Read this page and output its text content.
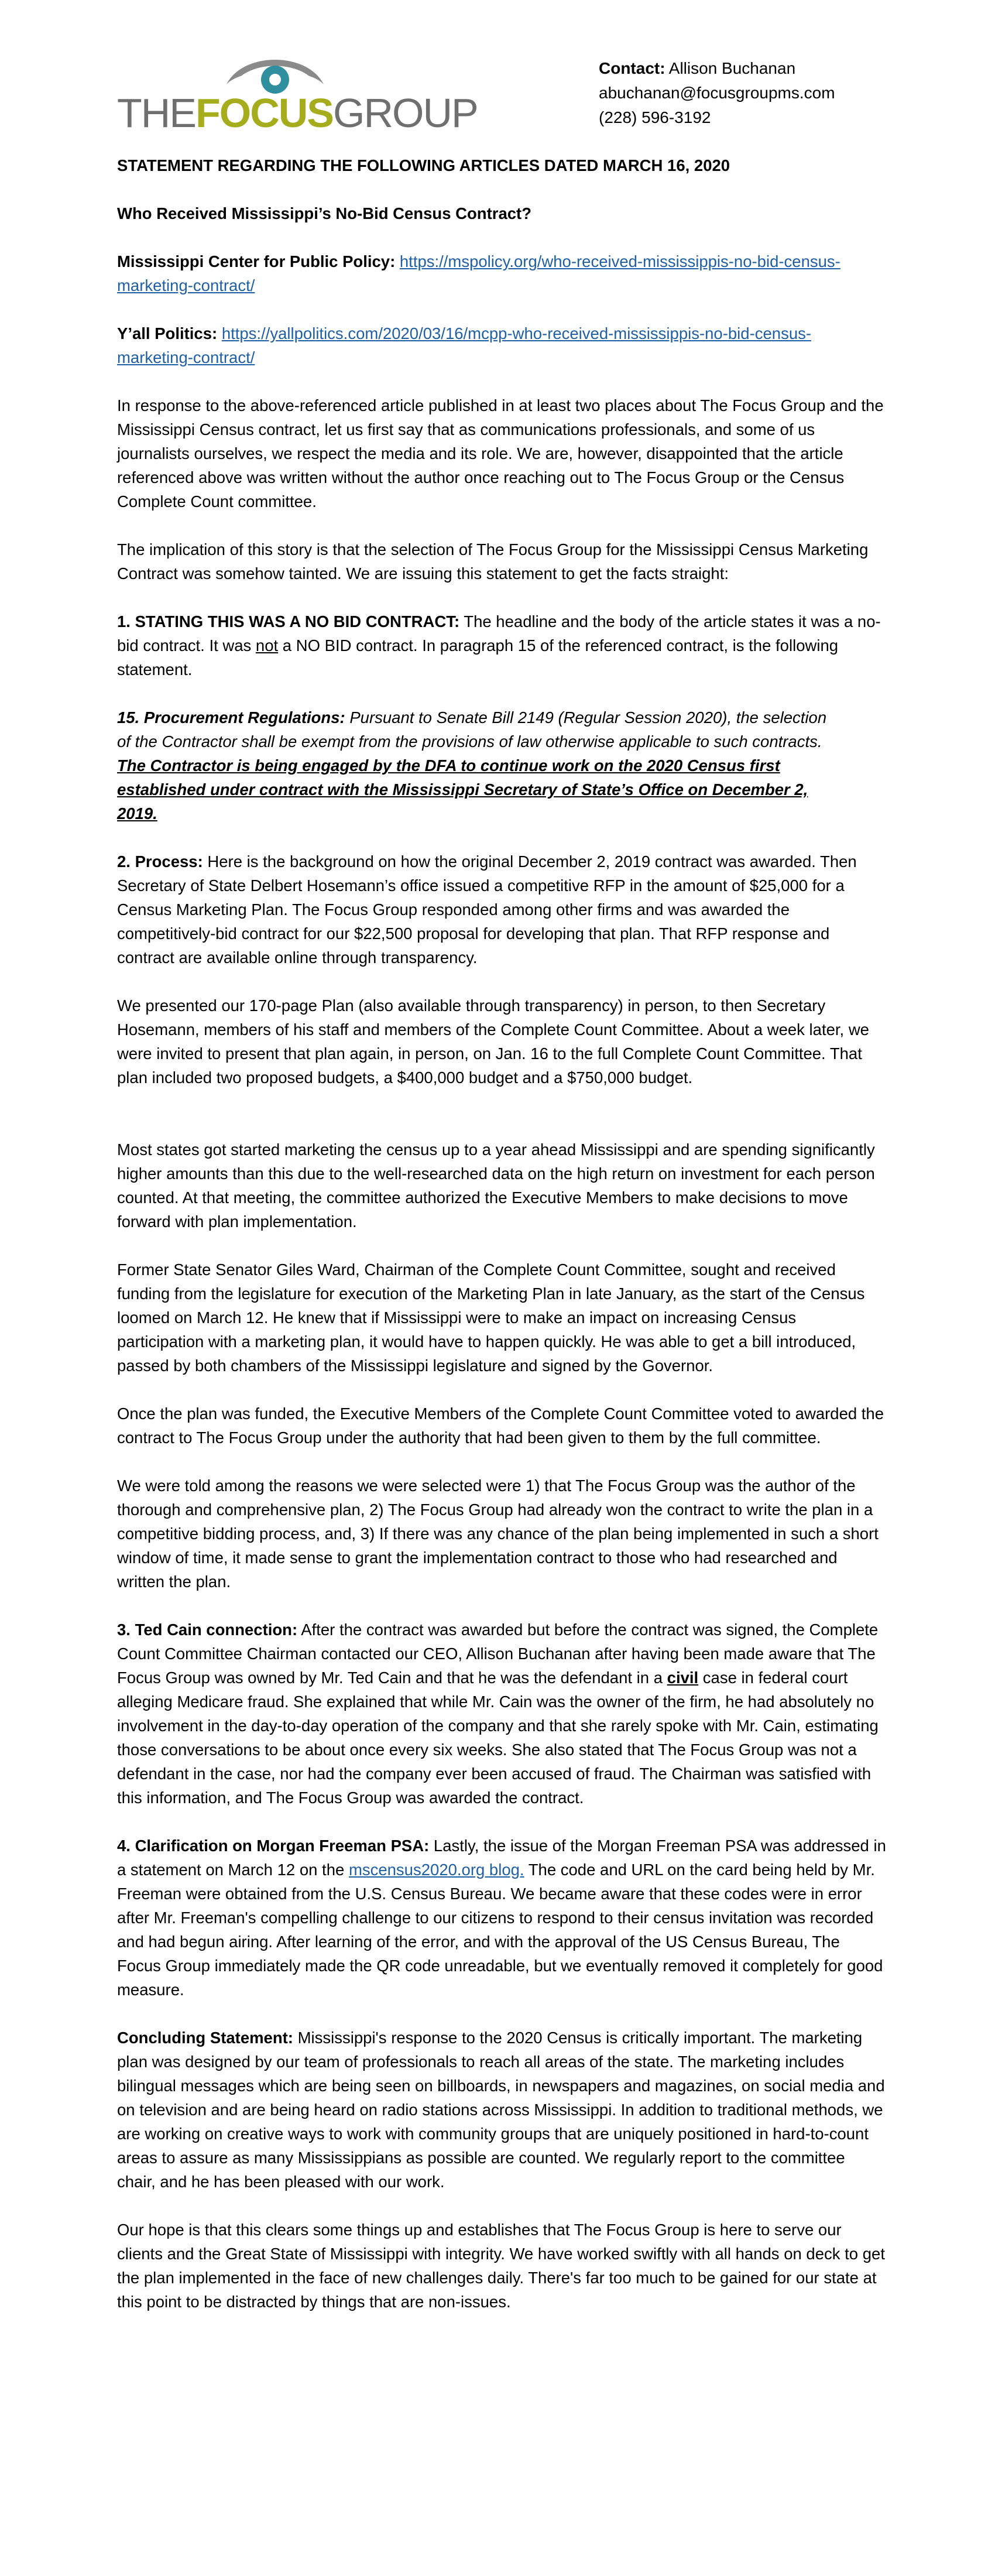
THEFOCUSGROUP
Contact: Allison Buchanan
abuchanan@focusgroupms.com
(228) 596-3192

STATEMENT REGARDING THE FOLLOWING ARTICLES DATED MARCH 16, 2020

Who Received Mississippi’s No-Bid Census Contract?

Mississippi Center for Public Policy: https://mspolicy.org/who-received-mississippis-no-bid-census-marketing-contract/

Y’all Politics: https://yallpolitics.com/2020/03/16/mcpp-who-received-mississippis-no-bid-census-marketing-contract/

In response to the above-referenced article published in at least two places about The Focus Group and the Mississippi Census contract, let us first say that as communications professionals, and some of us journalists ourselves, we respect the media and its role. We are, however, disappointed that the article referenced above was written without the author once reaching out to The Focus Group or the Census Complete Count committee.

The implication of this story is that the selection of The Focus Group for the Mississippi Census Marketing Contract was somehow tainted. We are issuing this statement to get the facts straight:

1. STATING THIS WAS A NO BID CONTRACT: The headline and the body of the article states it was a no-bid contract. It was not a NO BID contract. In paragraph 15 of the referenced contract, is the following statement.

15. Procurement Regulations: Pursuant to Senate Bill 2149 (Regular Session 2020), the selection of the Contractor shall be exempt from the provisions of law otherwise applicable to such contracts. The Contractor is being engaged by the DFA to continue work on the 2020 Census first established under contract with the Mississippi Secretary of State’s Office on December 2, 2019.

2. Process: Here is the background on how the original December 2, 2019 contract was awarded. Then Secretary of State Delbert Hosemann’s office issued a competitive RFP in the amount of $25,000 for a Census Marketing Plan. The Focus Group responded among other firms and was awarded the competitively-bid contract for our $22,500 proposal for developing that plan. That RFP response and contract are available online through transparency.

We presented our 170-page Plan (also available through transparency) in person, to then Secretary Hosemann, members of his staff and members of the Complete Count Committee. About a week later, we were invited to present that plan again, in person, on Jan. 16 to the full Complete Count Committee. That plan included two proposed budgets, a $400,000 budget and a $750,000 budget.

Most states got started marketing the census up to a year ahead Mississippi and are spending significantly higher amounts than this due to the well-researched data on the high return on investment for each person counted. At that meeting, the committee authorized the Executive Members to make decisions to move forward with plan implementation.

Former State Senator Giles Ward, Chairman of the Complete Count Committee, sought and received funding from the legislature for execution of the Marketing Plan in late January, as the start of the Census loomed on March 12. He knew that if Mississippi were to make an impact on increasing Census participation with a marketing plan, it would have to happen quickly. He was able to get a bill introduced, passed by both chambers of the Mississippi legislature and signed by the Governor.

Once the plan was funded, the Executive Members of the Complete Count Committee voted to awarded the contract to The Focus Group under the authority that had been given to them by the full committee.

We were told among the reasons we were selected were 1) that The Focus Group was the author of the thorough and comprehensive plan, 2) The Focus Group had already won the contract to write the plan in a competitive bidding process, and, 3) If there was any chance of the plan being implemented in such a short window of time, it made sense to grant the implementation contract to those who had researched and written the plan.

3. Ted Cain connection: After the contract was awarded but before the contract was signed, the Complete Count Committee Chairman contacted our CEO, Allison Buchanan after having been made aware that The Focus Group was owned by Mr. Ted Cain and that he was the defendant in a civil case in federal court alleging Medicare fraud. She explained that while Mr. Cain was the owner of the firm, he had absolutely no involvement in the day-to-day operation of the company and that she rarely spoke with Mr. Cain, estimating those conversations to be about once every six weeks. She also stated that The Focus Group was not a defendant in the case, nor had the company ever been accused of fraud. The Chairman was satisfied with this information, and The Focus Group was awarded the contract.

4. Clarification on Morgan Freeman PSA: Lastly, the issue of the Morgan Freeman PSA was addressed in a statement on March 12 on the mscensus2020.org blog. The code and URL on the card being held by Mr. Freeman were obtained from the U.S. Census Bureau. We became aware that these codes were in error after Mr. Freeman's compelling challenge to our citizens to respond to their census invitation was recorded and had begun airing. After learning of the error, and with the approval of the US Census Bureau, The Focus Group immediately made the QR code unreadable, but we eventually removed it completely for good measure.

Concluding Statement: Mississippi's response to the 2020 Census is critically important. The marketing plan was designed by our team of professionals to reach all areas of the state. The marketing includes bilingual messages which are being seen on billboards, in newspapers and magazines, on social media and on television and are being heard on radio stations across Mississippi. In addition to traditional methods, we are working on creative ways to work with community groups that are uniquely positioned in hard-to-count areas to assure as many Mississippians as possible are counted. We regularly report to the committee chair, and he has been pleased with our work.

Our hope is that this clears some things up and establishes that The Focus Group is here to serve our clients and the Great State of Mississippi with integrity. We have worked swiftly with all hands on deck to get the plan implemented in the face of new challenges daily. There's far too much to be gained for our state at this point to be distracted by things that are non-issues.
